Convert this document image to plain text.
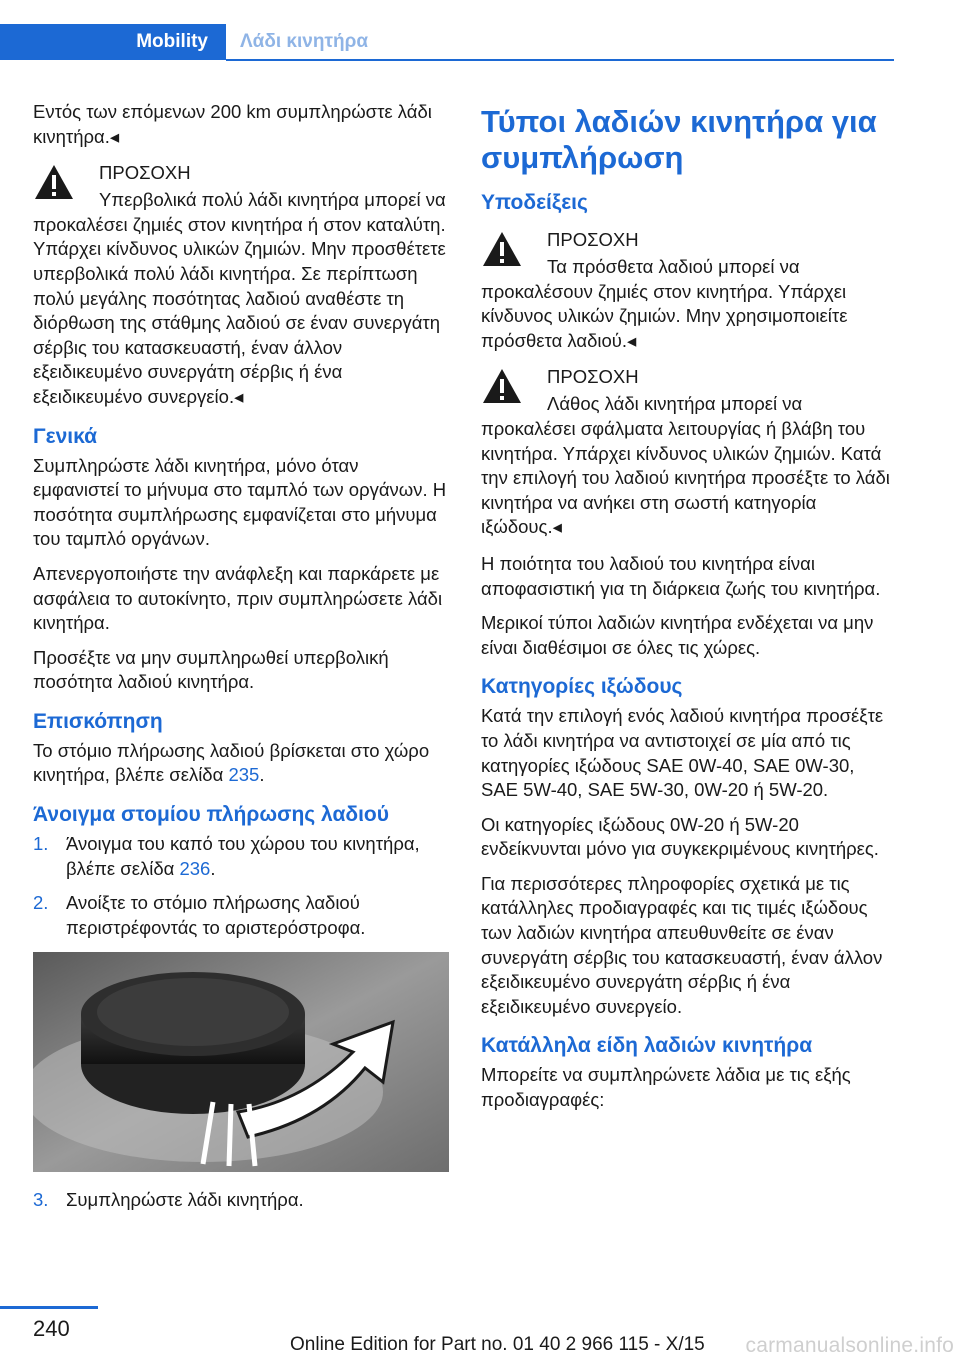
Mobility	Λάδι κινητήρα

Εντός των επόμενων 200 km συμπληρώστε λάδι κινητήρα.◂

ΠΡΟΣΟΧΗ
Υπερβολικά πολύ λάδι κινητήρα μπορεί να προκαλέσει ζημιές στον κινητήρα ή στον καταλύτη. Υπάρχει κίνδυνος υλικών ζημιών. Μην προσθέτετε υπερβολικά πολύ λάδι κινητήρα. Σε περίπτωση πολύ μεγάλης ποσότητας λαδιού αναθέστε τη διόρθωση της στάθμης λαδιού σε έναν συνεργάτη σέρβις του κατασκευαστή, έναν άλλον εξειδικευμένο συνεργάτη σέρβις ή ένα εξειδικευμένο συνεργείο.◂
Γενικά

Συμπληρώστε λάδι κινητήρα, μόνο όταν εμφανιστεί το μήνυμα στο ταμπλό των οργάνων. Η ποσότητα συμπλήρωσης εμφανίζεται στο μήνυμα του ταμπλό οργάνων.

Απενεργοποιήστε την ανάφλεξη και παρκάρετε με ασφάλεια το αυτοκίνητο, πριν συμπληρώσετε λάδι κινητήρα.

Προσέξτε να μην συμπληρωθεί υπερβολική ποσότητα λαδιού κινητήρα.

Επισκόπηση

Το στόμιο πλήρωσης λαδιού βρίσκεται στο χώρο κινητήρα, βλέπε σελίδα 235.

Άνοιγμα στομίου πλήρωσης λαδιού
1. Άνοιγμα του καπό του χώρου του κινητήρα, βλέπε σελίδα 236.
2. Ανοίξτε το στόμιο πλήρωσης λαδιού περιστρέφοντάς το αριστερόστροφα.
3. Συμπληρώστε λάδι κινητήρα.
Τύποι λαδιών κινητήρα για συμπλήρωση
Υποδείξεις
ΠΡΟΣΟΧΗ
Τα πρόσθετα λαδιού μπορεί να προκαλέσουν ζημιές στον κινητήρα. Υπάρχει κίνδυνος υλικών ζημιών. Μην χρησιμοποιείτε πρόσθετα λαδιού.◂
ΠΡΟΣΟΧΗ
Λάθος λάδι κινητήρα μπορεί να προκαλέσει σφάλματα λειτουργίας ή βλάβη του κινητήρα. Υπάρχει κίνδυνος υλικών ζημιών. Κατά την επιλογή του λαδιού κινητήρα προσέξτε το λάδι κινητήρα να ανήκει στη σωστή κατηγορία ιξώδους.◂

Η ποιότητα του λαδιού του κινητήρα είναι αποφασιστική για τη διάρκεια ζωής του κινητήρα.

Μερικοί τύποι λαδιών κινητήρα ενδέχεται να μην είναι διαθέσιμοι σε όλες τις χώρες.

Κατηγορίες ιξώδους

Κατά την επιλογή ενός λαδιού κινητήρα προσέξτε το λάδι κινητήρα να αντιστοιχεί σε μία από τις κατηγορίες ιξώδους SAE 0W-40, SAE 0W-30, SAE 5W-40, SAE 5W-30, 0W-20 ή 5W-20.

Οι κατηγορίες ιξώδους 0W-20 ή 5W-20 ενδείκνυνται μόνο για συγκεκριμένους κινητήρες.

Για περισσότερες πληροφορίες σχετικά με τις κατάλληλες προδιαγραφές και τις τιμές ιξώδους των λαδιών κινητήρα απευθυνθείτε σε έναν συνεργάτη σέρβις του κατασκευαστή, έναν άλλον εξειδικευμένο συνεργάτη σέρβις ή ένα εξειδικευμένο συνεργείο.

Κατάλληλα είδη λαδιών κινητήρα

Μπορείτε να συμπληρώνετε λάδια με τις εξής προδιαγραφές:

240
Online Edition for Part no. 01 40 2 966 115 - X/15 carmanualsonline.info
